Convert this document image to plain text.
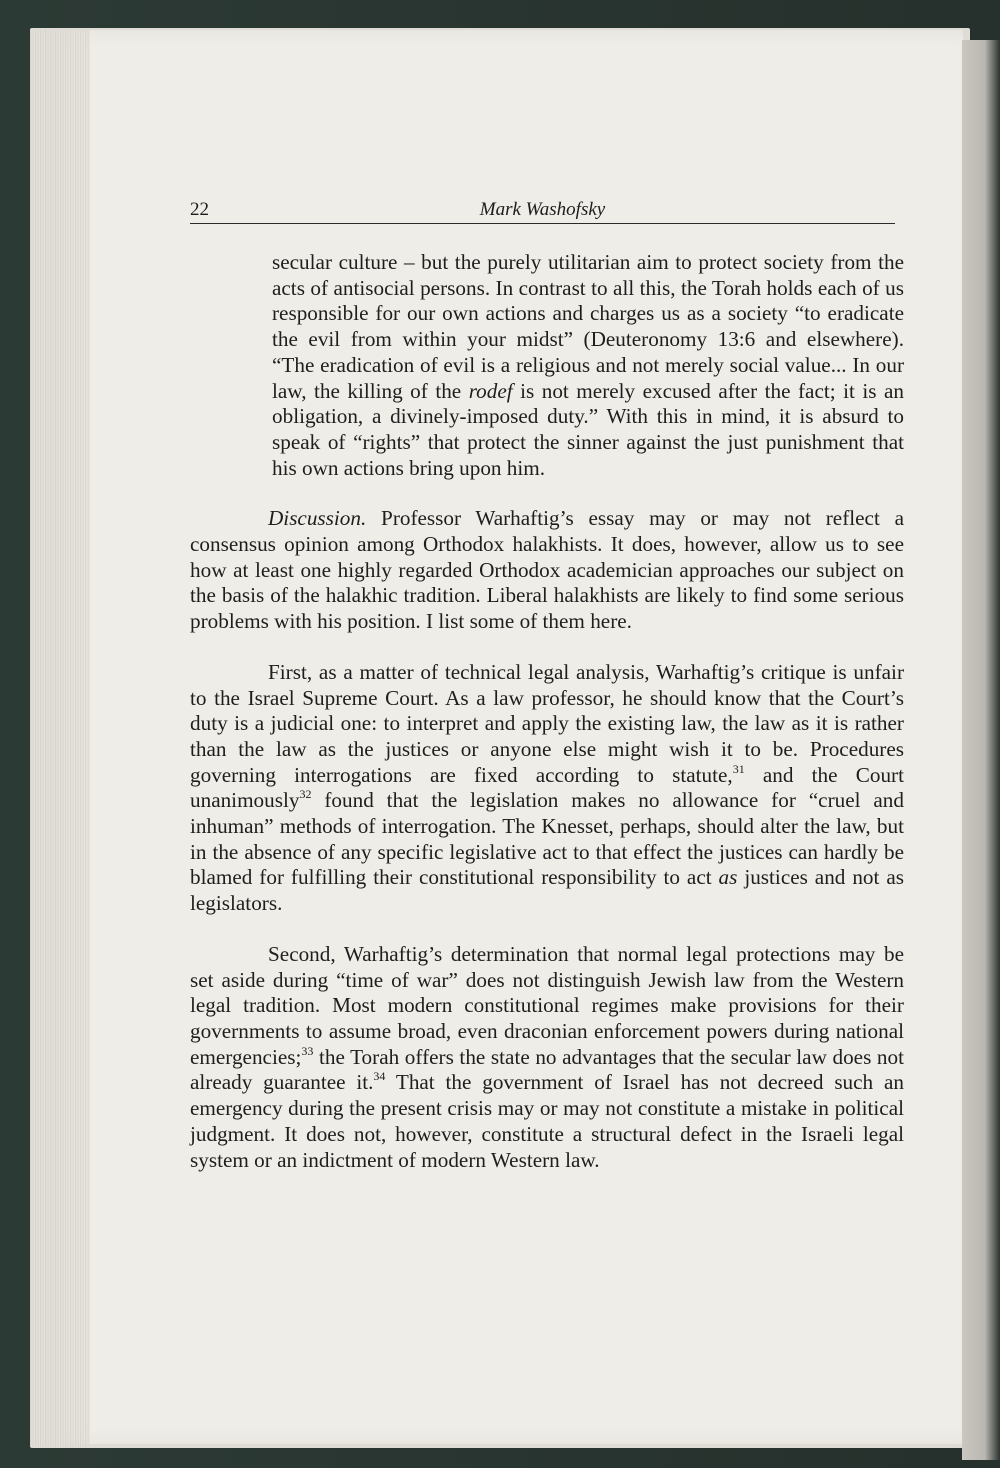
22	Mark Washofsky
secular culture – but the purely utilitarian aim to protect society from the acts of antisocial persons. In contrast to all this, the Torah holds each of us responsible for our own actions and charges us as a society “to eradicate the evil from within your midst” (Deuteronomy 13:6 and elsewhere). “The eradication of evil is a religious and not merely social value... In our law, the killing of the rodef is not merely excused after the fact; it is an obligation, a divinely-imposed duty.” With this in mind, it is absurd to speak of “rights” that protect the sinner against the just punishment that his own actions bring upon him.

Discussion. Professor Warhaftig’s essay may or may not reflect a consensus opinion among Orthodox halakhists. It does, however, allow us to see how at least one highly regarded Orthodox academician approaches our subject on the basis of the halakhic tradition. Liberal halakhists are likely to find some serious problems with his position. I list some of them here.

First, as a matter of technical legal analysis, Warhaftig’s critique is unfair to the Israel Supreme Court. As a law professor, he should know that the Court’s duty is a judicial one: to interpret and apply the existing law, the law as it is rather than the law as the justices or anyone else might wish it to be. Procedures governing interrogations are fixed according to statute,$^{31}$ and the Court unanimously$^{32}$ found that the legislation makes no allowance for “cruel and inhuman” methods of interrogation. The Knesset, perhaps, should alter the law, but in the absence of any specific legislative act to that effect the justices can hardly be blamed for fulfilling their constitutional responsibility to act as justices and not as legislators.

Second, Warhaftig’s determination that normal legal protections may be set aside during “time of war” does not distinguish Jewish law from the Western legal tradition. Most modern constitutional regimes make provisions for their governments to assume broad, even draconian enforcement powers during national emergencies;$^{33}$ the Torah offers the state no advantages that the secular law does not already guarantee it.$^{34}$ That the government of Israel has not decreed such an emergency during the present crisis may or may not constitute a mistake in political judgment. It does not, however, constitute a structural defect in the Israeli legal system or an indictment of modern Western law.
